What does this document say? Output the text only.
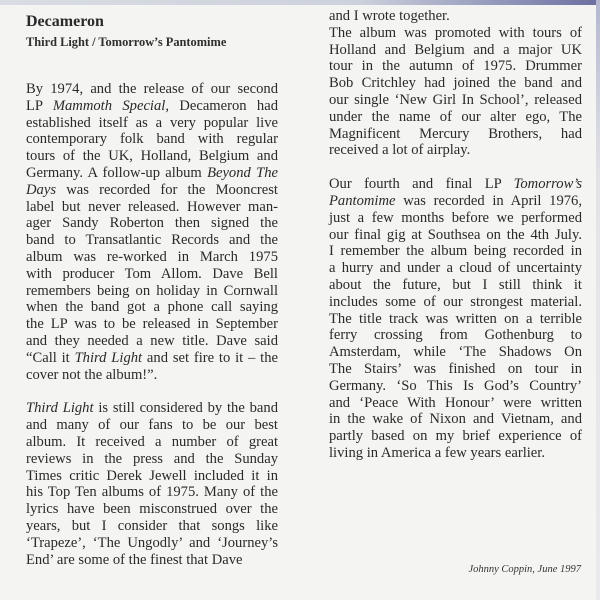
Decameron
Third Light / Tomorrow’s Pantomime

By 1974, and the release of our second
LP Mammoth Special, Decameron had
established itself as a very popular live
contemporary folk band with regular
tours of the UK, Holland, Belgium and
Germany. A follow-up album Beyond The
Days was recorded for the Mooncrest
label but never released. However man-
ager Sandy Roberton then signed the
band to Transatlantic Records and the
album was re-worked in March 1975
with producer Tom Allom. Dave Bell
remembers being on holiday in Cornwall
when the band got a phone call saying
the LP was to be released in September
and they needed a new title. Dave said
“Call it Third Light and set fire to it – the
cover not the album!”.

Third Light is still considered by the band
and many of our fans to be our best
album. It received a number of great
reviews in the press and the Sunday
Times critic Derek Jewell included it in
his Top Ten albums of 1975. Many of the
lyrics have been misconstrued over the
years, but I consider that songs like
‘Trapeze’, ‘The Ungodly’ and ‘Journey’s
End’ are some of the finest that Dave

and I wrote together.

The album was promoted with tours of
Holland and Belgium and a major UK
tour in the autumn of 1975. Drummer
Bob Critchley had joined the band and
our single ‘New Girl In School’, released
under the name of our alter ego, The
Magnificent Mercury Brothers, had
received a lot of airplay.

Our fourth and final LP Tomorrow’s
Pantomime was recorded in April 1976,
just a few months before we performed
our final gig at Southsea on the 4th July.
I remember the album being recorded in
a hurry and under a cloud of uncertainty
about the future, but I still think it
includes some of our strongest material.
The title track was written on a terrible
ferry crossing from Gothenburg to
Amsterdam, while ‘The Shadows On
The Stairs’ was finished on tour in
Germany. ‘So This Is God’s Country’
and ‘Peace With Honour’ were written
in the wake of Nixon and Vietnam, and
partly based on my brief experience of
living in America a few years earlier.

Johnny Coppin, June 1997
